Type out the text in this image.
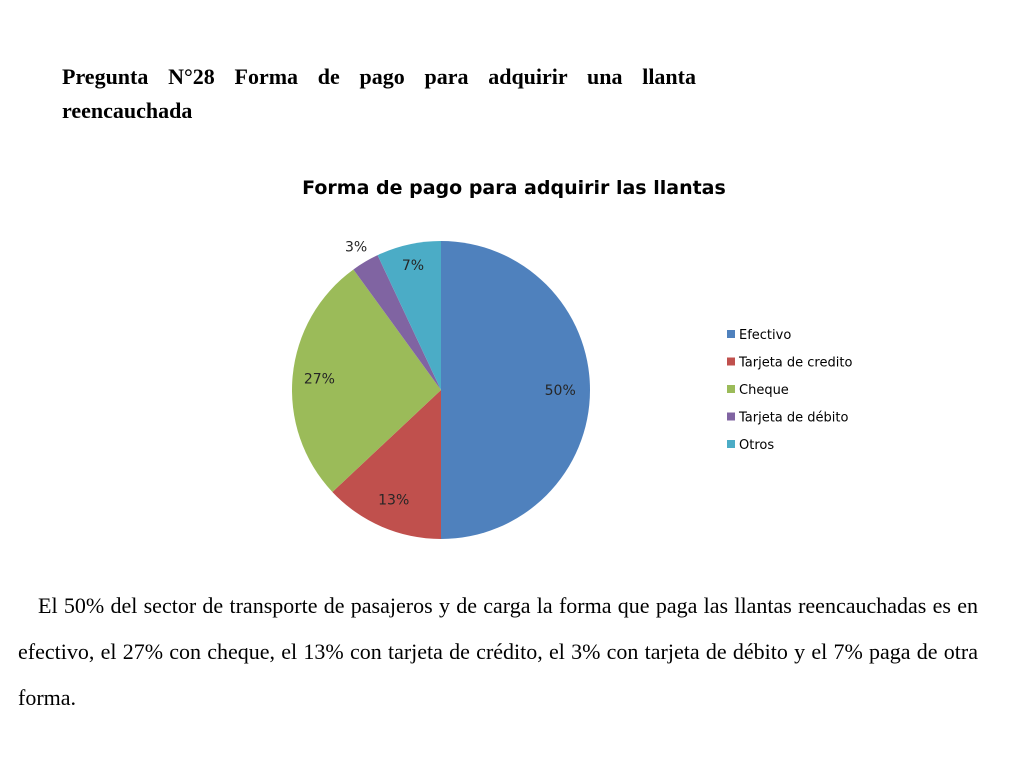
Pregunta N°28 Forma de pago para adquirir una llanta reencauchada

Forma de pago para adquirir las llantas
50%
13%
27%
3%
7%
Efectivo
Tarjeta de credito
Cheque
Tarjeta de débito
Otros

El 50% del sector de transporte de pasajeros y de carga la forma que paga las llantas reencauchadas es en efectivo, el 27% con cheque, el 13% con tarjeta de crédito, el 3% con tarjeta de débito y el 7% paga de otra forma.
